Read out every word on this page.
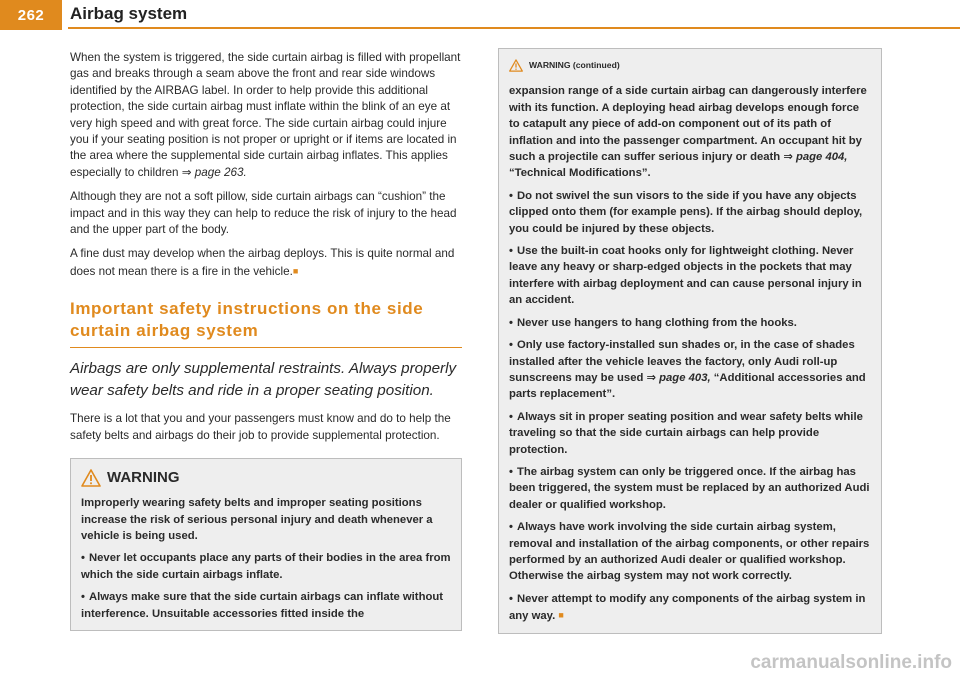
262	Airbag system

When the system is triggered, the side curtain airbag is filled with propellant gas and breaks through a seam above the front and rear side windows identified by the AIRBAG label. In order to help provide this additional protection, the side curtain airbag must inflate within the blink of an eye at very high speed and with great force. The side curtain airbag could injure you if your seating position is not proper or upright or if items are located in the area where the supplemental side curtain airbag inflates. This applies especially to children ⇒ page 263.

Although they are not a soft pillow, side curtain airbags can “cushion” the impact and in this way they can help to reduce the risk of injury to the head and the upper part of the body.

A fine dust may develop when the airbag deploys. This is quite normal and does not mean there is a fire in the vehicle.■

Important safety instructions on the side curtain airbag system
Airbags are only supplemental restraints. Always properly wear safety belts and ride in a proper seating position.

There is a lot that you and your passengers must know and do to help the safety belts and airbags do their job to provide supplemental protection.

WARNING

Improperly wearing safety belts and improper seating positions increase the risk of serious personal injury and death whenever a vehicle is being used.

• Never let occupants place any parts of their bodies in the area from which the side curtain airbags inflate.

• Always make sure that the side curtain airbags can inflate without interference. Unsuitable accessories fitted inside the

WARNING (continued)

expansion range of a side curtain airbag can dangerously interfere with its function. A deploying head airbag develops enough force to catapult any piece of add-on component out of its path of inflation and into the passenger compartment. An occupant hit by such a projectile can suffer serious injury or death ⇒ page 404, “Technical Modifications”.

• Do not swivel the sun visors to the side if you have any objects clipped onto them (for example pens). If the airbag should deploy, you could be injured by these objects.

• Use the built-in coat hooks only for lightweight clothing. Never leave any heavy or sharp-edged objects in the pockets that may interfere with airbag deployment and can cause personal injury in an accident.

• Never use hangers to hang clothing from the hooks.

• Only use factory-installed sun shades or, in the case of shades installed after the vehicle leaves the factory, only Audi roll-up sunscreens may be used ⇒ page 403, “Additional accessories and parts replacement”.

• Always sit in proper seating position and wear safety belts while traveling so that the side curtain airbags can help provide protection.

• The airbag system can only be triggered once. If the airbag has been triggered, the system must be replaced by an authorized Audi dealer or qualified workshop.

• Always have work involving the side curtain airbag system, removal and installation of the airbag components, or other repairs performed by an authorized Audi dealer or qualified workshop. Otherwise the airbag system may not work correctly.

• Never attempt to modify any components of the airbag system in any way. ■

carmanualsonline.info
